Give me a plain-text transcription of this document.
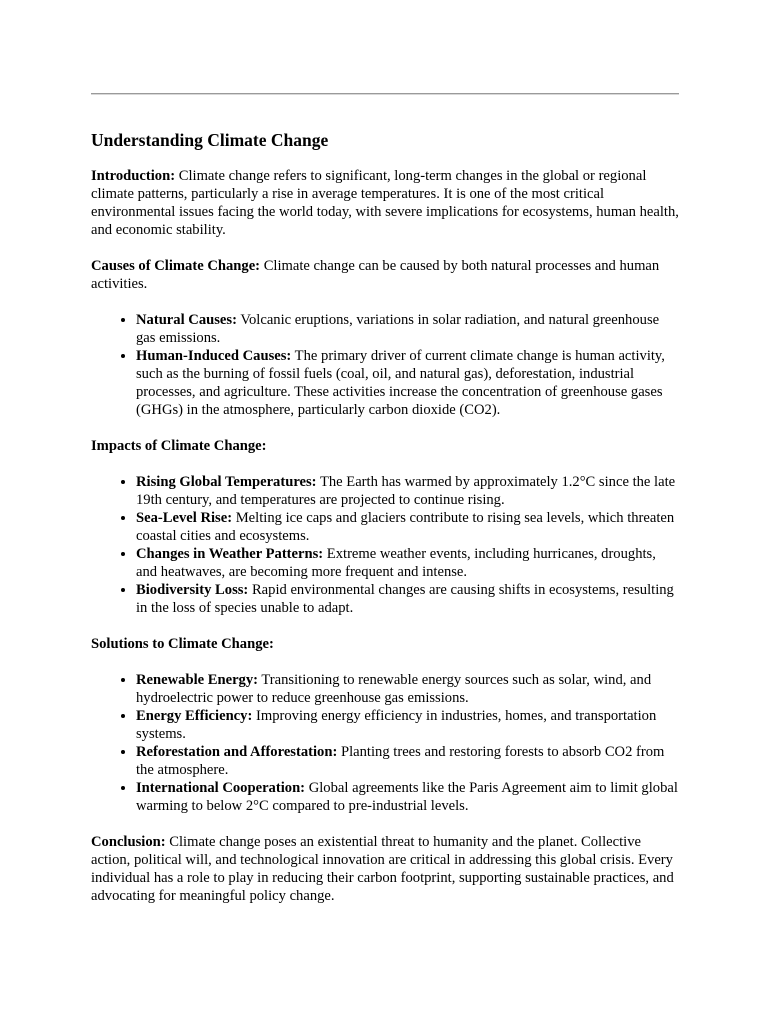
Understanding Climate Change

Introduction: Climate change refers to significant, long-term changes in the global or regional climate patterns, particularly a rise in average temperatures. It is one of the most critical environmental issues facing the world today, with severe implications for ecosystems, human health, and economic stability.

Causes of Climate Change: Climate change can be caused by both natural processes and human activities.

• Natural Causes: Volcanic eruptions, variations in solar radiation, and natural greenhouse gas emissions.
• Human-Induced Causes: The primary driver of current climate change is human activity, such as the burning of fossil fuels (coal, oil, and natural gas), deforestation, industrial processes, and agriculture. These activities increase the concentration of greenhouse gases (GHGs) in the atmosphere, particularly carbon dioxide (CO2).

Impacts of Climate Change:

• Rising Global Temperatures: The Earth has warmed by approximately 1.2°C since the late 19th century, and temperatures are projected to continue rising.
• Sea-Level Rise: Melting ice caps and glaciers contribute to rising sea levels, which threaten coastal cities and ecosystems.
• Changes in Weather Patterns: Extreme weather events, including hurricanes, droughts, and heatwaves, are becoming more frequent and intense.
• Biodiversity Loss: Rapid environmental changes are causing shifts in ecosystems, resulting in the loss of species unable to adapt.

Solutions to Climate Change:

• Renewable Energy: Transitioning to renewable energy sources such as solar, wind, and hydroelectric power to reduce greenhouse gas emissions.
• Energy Efficiency: Improving energy efficiency in industries, homes, and transportation systems.
• Reforestation and Afforestation: Planting trees and restoring forests to absorb CO2 from the atmosphere.
• International Cooperation: Global agreements like the Paris Agreement aim to limit global warming to below 2°C compared to pre-industrial levels.

Conclusion: Climate change poses an existential threat to humanity and the planet. Collective action, political will, and technological innovation are critical in addressing this global crisis. Every individual has a role to play in reducing their carbon footprint, supporting sustainable practices, and advocating for meaningful policy change.
